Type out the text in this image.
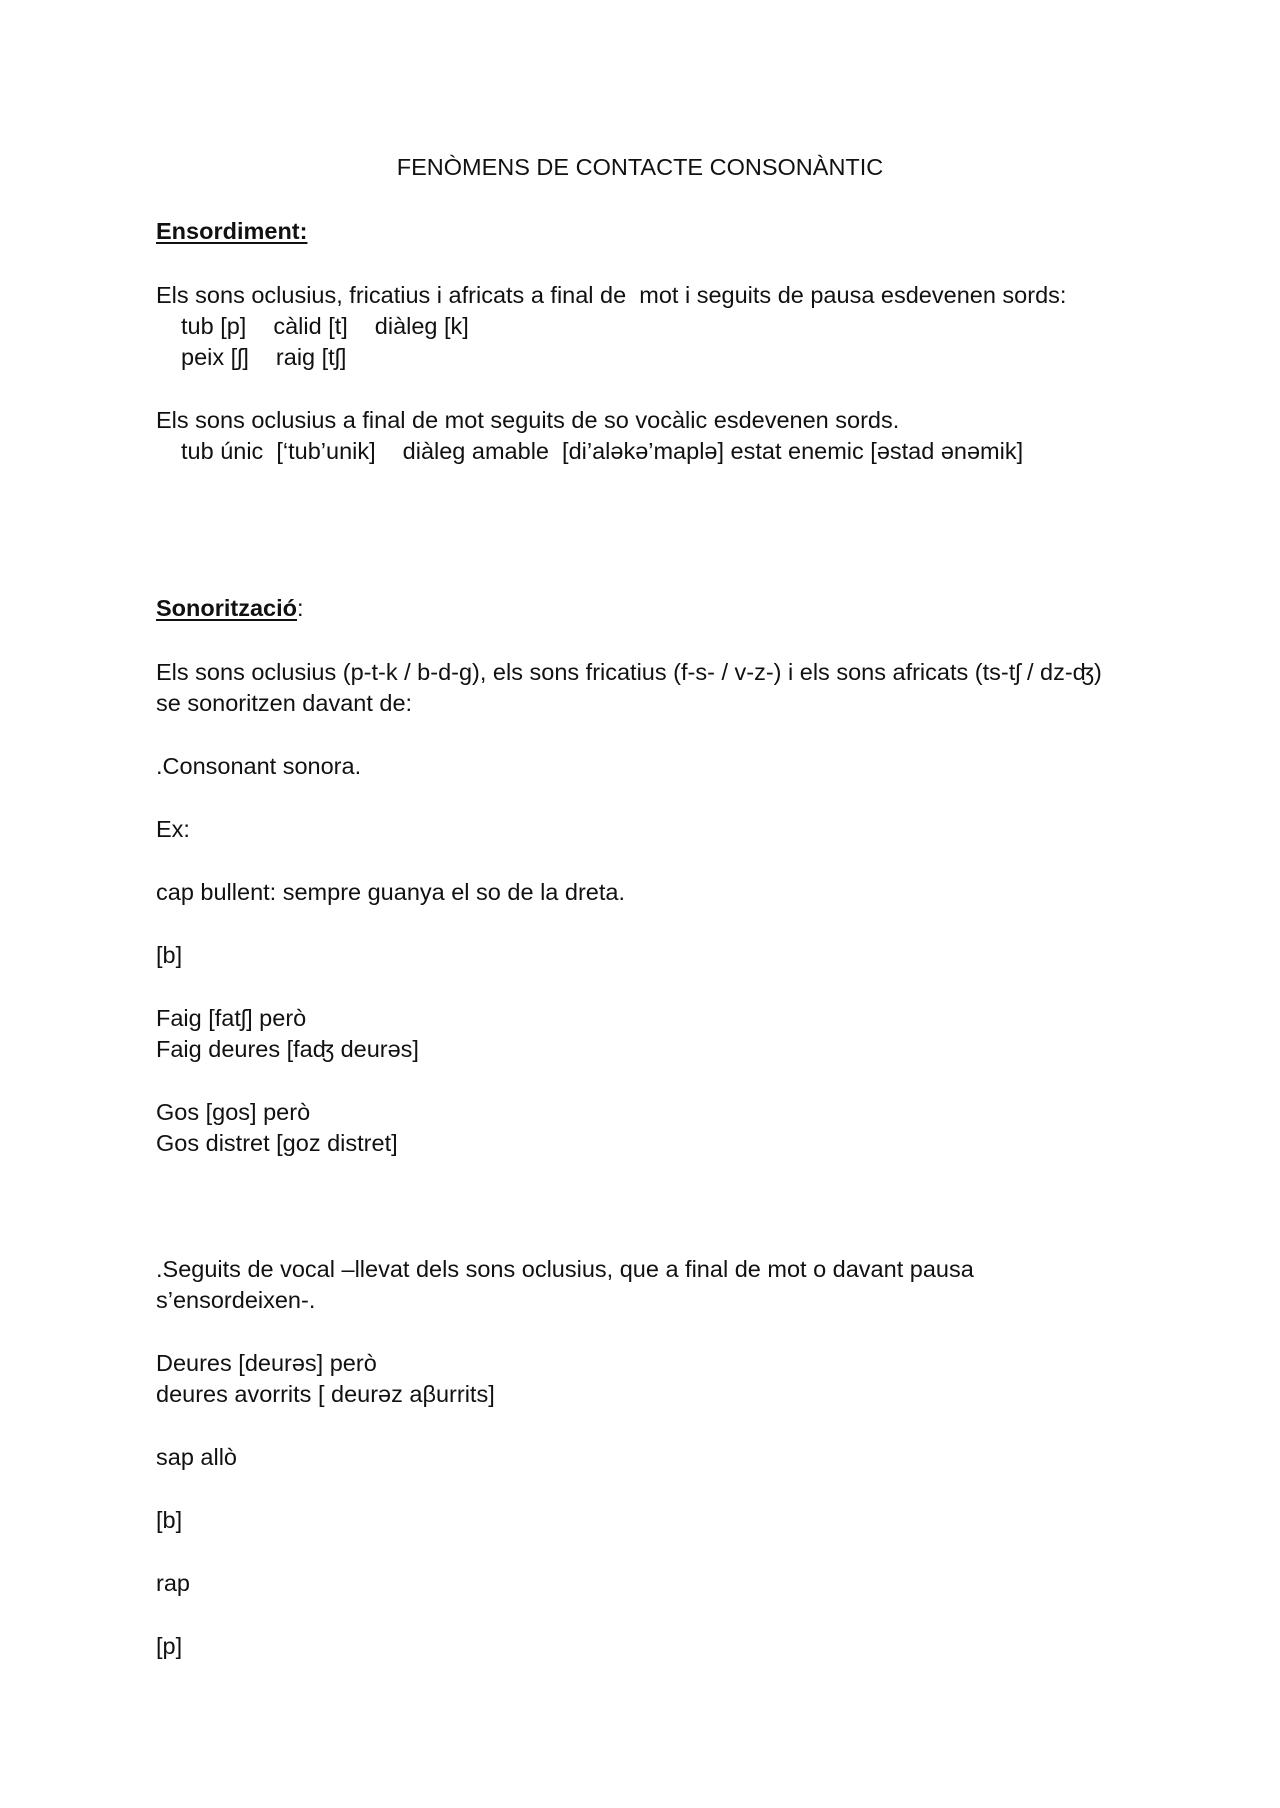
FENÒMENS DE CONTACTE CONSONÀNTIC
Ensordiment:
Els sons oclusius, fricatius i africats a final de  mot i seguits de pausa esdevenen sords:
tub [p] càlid [t] diàleg [k]
peix [ʃ] raig [tʃ]
Els sons oclusius a final de mot seguits de so vocàlic esdevenen sords.
tub únic  [‘tub’unik] diàleg amable  [di’aləkə’maplə] estat enemic [əstad ənəmik]
Sonorització:
Els sons oclusius (p-t-k / b-d-g), els sons fricatius (f-s- / v-z-) i els sons africats (ts-tʃ / dz-ʤ)
se sonoritzen davant de:
.Consonant sonora.
Ex:
cap bullent: sempre guanya el so de la dreta.
[b]
Faig [fatʃ] però
Faig deures [faʤ deurəs]
Gos [gos] però
Gos distret [goz distret]
.Seguits de vocal –llevat dels sons oclusius, que a final de mot o davant pausa
s’ensordeixen-.
Deures [deurəs] però
deures avorrits [ deurəz aβurrits]
sap allò
[b]
rap
[p]
